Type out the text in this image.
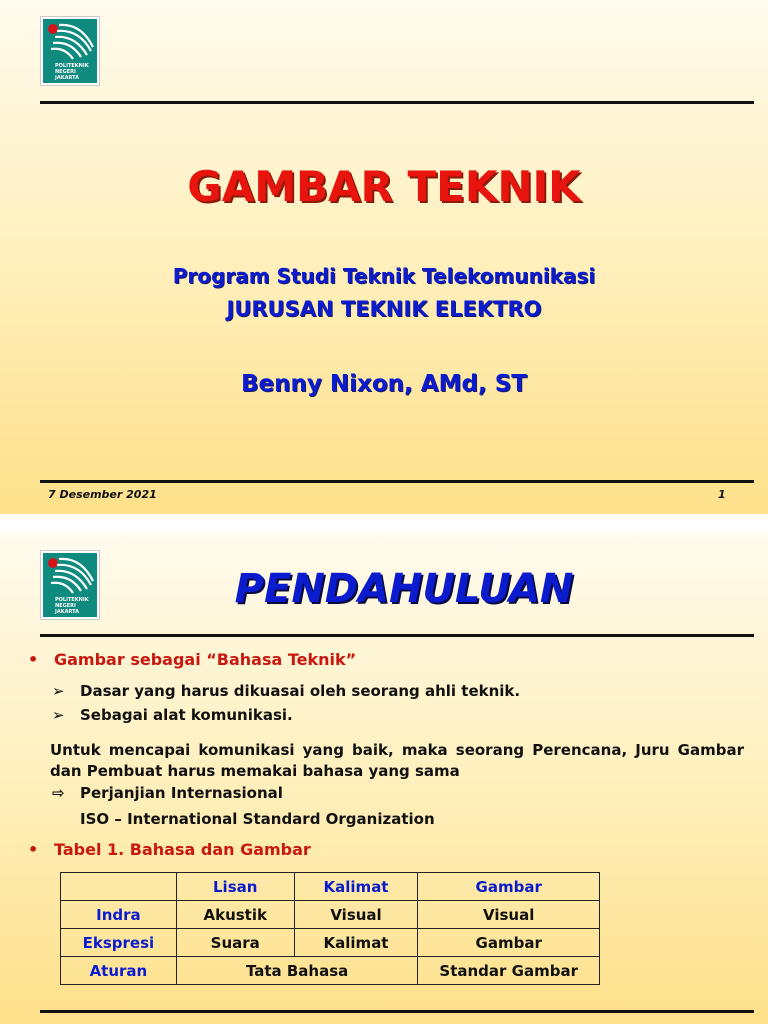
POLITEKNIK
NEGERI
JAKARTA
GAMBAR TEKNIK
Program Studi Teknik Telekomunikasi
JURUSAN TEKNIK ELEKTRO
Benny Nixon, AMd, ST
7 Desember 2021	1
POLITEKNIK
NEGERI
JAKARTA	PENDAHULUAN
• Gambar sebagai “Bahasa Teknik”
➢ Dasar yang harus dikuasai oleh seorang ahli teknik.
➢ Sebagai alat komunikasi.
Untuk mencapai komunikasi yang baik, maka seorang Perencana, Juru Gambar dan Pembuat harus memakai bahasa yang sama
⇨ Perjanjian Internasional
ISO – International Standard Organization
• Tabel 1. Bahasa dan Gambar
	Lisan	Kalimat	Gambar
Indra	Akustik	Visual	Visual
Ekspresi	Suara	Kalimat	Gambar
Aturan	Tata Bahasa		Standar Gambar
